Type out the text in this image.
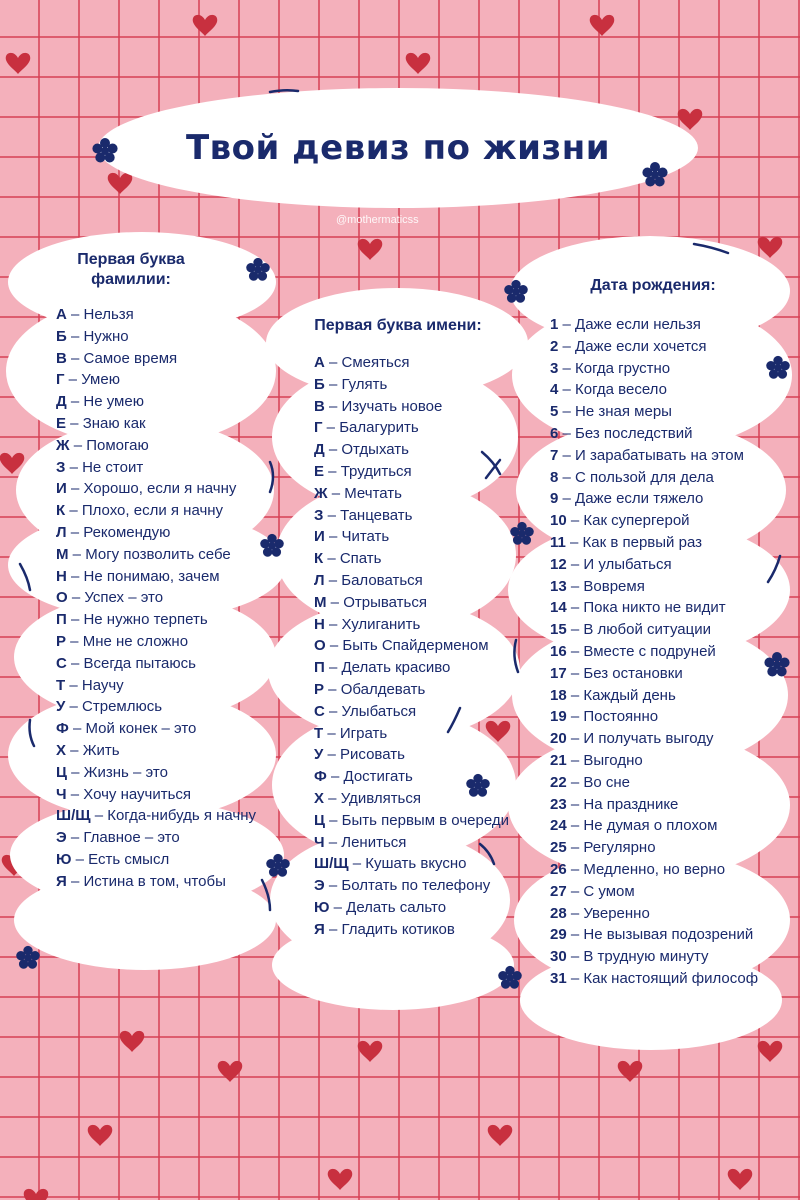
Твой девиз по жизни
@mothermaticss
Первая буква фамилии:
А – Нельзя
Б – Нужно
В – Самое время
Г – Умею
Д – Не умею
Е – Знаю как
Ж – Помогаю
З – Не стоит
И – Хорошо, если я начну
К – Плохо, если я начну
Л – Рекомендую
М – Могу позволить себе
Н – Не понимаю, зачем
О – Успех – это
П – Не нужно терпеть
Р – Мне не сложно
С – Всегда пытаюсь
Т – Научу
У – Стремлюсь
Ф – Мой конек – это
Х – Жить
Ц – Жизнь – это
Ч – Хочу научиться
Ш/Щ – Когда-нибудь я начну
Э – Главное – это
Ю – Есть смысл
Я – Истина в том, чтобы
Первая буква имени:
А – Смеяться
Б – Гулять
В – Изучать новое
Г – Балагурить
Д – Отдыхать
Е – Трудиться
Ж – Мечтать
З – Танцевать
И – Читать
К – Спать
Л – Баловаться
М – Отрываться
Н – Хулиганить
О – Быть Спайдерменом
П – Делать красиво
Р – Обалдевать
С – Улыбаться
Т – Играть
У – Рисовать
Ф – Достигать
Х – Удивляться
Ц – Быть первым в очереди
Ч – Лениться
Ш/Щ – Кушать вкусно
Э – Болтать по телефону
Ю – Делать сальто
Я – Гладить котиков
Дата рождения:
1 – Даже если нельзя
2 – Даже если хочется
3 – Когда грустно
4 – Когда весело
5 – Не зная меры
6 – Без последствий
7 – И зарабатывать на этом
8 – С пользой для дела
9 – Даже если тяжело
10 – Как супергерой
11 – Как в первый раз
12 – И улыбаться
13 – Вовремя
14 – Пока никто не видит
15 – В любой ситуации
16 – Вместе с подруней
17 – Без остановки
18 – Каждый день
19 – Постоянно
20 – И получать выгоду
21 – Выгодно
22 – Во сне
23 – На празднике
24 – Не думая о плохом
25 – Регулярно
26 – Медленно, но верно
27 – С умом
28 – Уверенно
29 – Не вызывая подозрений
30 – В трудную минуту
31 – Как настоящий философ
